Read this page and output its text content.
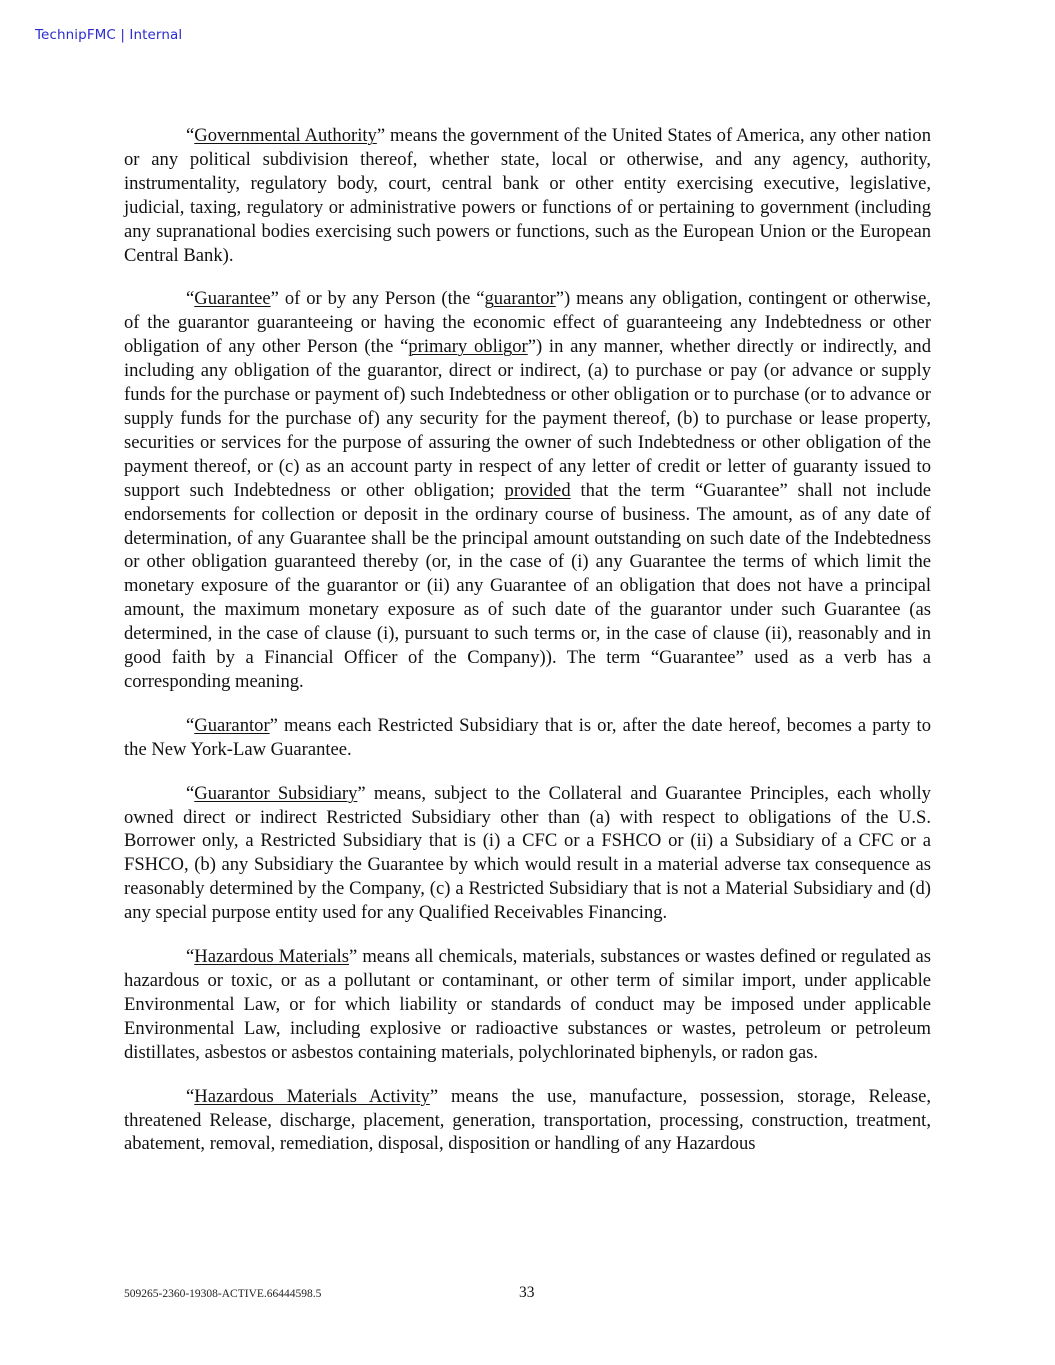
TechnipFMC | Internal

“Governmental Authority” means the government of the United States of America, any other nation or any political subdivision thereof, whether state, local or otherwise, and any agency, authority, instrumentality, regulatory body, court, central bank or other entity exercising executive, legislative, judicial, taxing, regulatory or administrative powers or functions of or pertaining to government (including any supranational bodies exercising such powers or functions, such as the European Union or the European Central Bank).

“Guarantee” of or by any Person (the “guarantor”) means any obligation, contingent or otherwise, of the guarantor guaranteeing or having the economic effect of guaranteeing any Indebtedness or other obligation of any other Person (the “primary obligor”) in any manner, whether directly or indirectly, and including any obligation of the guarantor, direct or indirect, (a) to purchase or pay (or advance or supply funds for the purchase or payment of) such Indebtedness or other obligation or to purchase (or to advance or supply funds for the purchase of) any security for the payment thereof, (b) to purchase or lease property, securities or services for the purpose of assuring the owner of such Indebtedness or other obligation of the payment thereof, or (c) as an account party in respect of any letter of credit or letter of guaranty issued to support such Indebtedness or other obligation; provided that the term “Guarantee” shall not include endorsements for collection or deposit in the ordinary course of business. The amount, as of any date of determination, of any Guarantee shall be the principal amount outstanding on such date of the Indebtedness or other obligation guaranteed thereby (or, in the case of (i) any Guarantee the terms of which limit the monetary exposure of the guarantor or (ii) any Guarantee of an obligation that does not have a principal amount, the maximum monetary exposure as of such date of the guarantor under such Guarantee (as determined, in the case of clause (i), pursuant to such terms or, in the case of clause (ii), reasonably and in good faith by a Financial Officer of the Company)). The term “Guarantee” used as a verb has a corresponding meaning.

“Guarantor” means each Restricted Subsidiary that is or, after the date hereof, becomes a party to the New York-Law Guarantee.

“Guarantor Subsidiary” means, subject to the Collateral and Guarantee Principles, each wholly owned direct or indirect Restricted Subsidiary other than (a) with respect to obligations of the U.S. Borrower only, a Restricted Subsidiary that is (i) a CFC or a FSHCO or (ii) a Subsidiary of a CFC or a FSHCO, (b) any Subsidiary the Guarantee by which would result in a material adverse tax consequence as reasonably determined by the Company, (c) a Restricted Subsidiary that is not a Material Subsidiary and (d) any special purpose entity used for any Qualified Receivables Financing.

“Hazardous Materials” means all chemicals, materials, substances or wastes defined or regulated as hazardous or toxic, or as a pollutant or contaminant, or other term of similar import, under applicable Environmental Law, or for which liability or standards of conduct may be imposed under applicable Environmental Law, including explosive or radioactive substances or wastes, petroleum or petroleum distillates, asbestos or asbestos containing materials, polychlorinated biphenyls, or radon gas.

“Hazardous Materials Activity” means the use, manufacture, possession, storage, Release, threatened Release, discharge, placement, generation, transportation, processing, construction, treatment, abatement, removal, remediation, disposal, disposition or handling of any Hazardous

509265-2360-19308-ACTIVE.66444598.5	33
